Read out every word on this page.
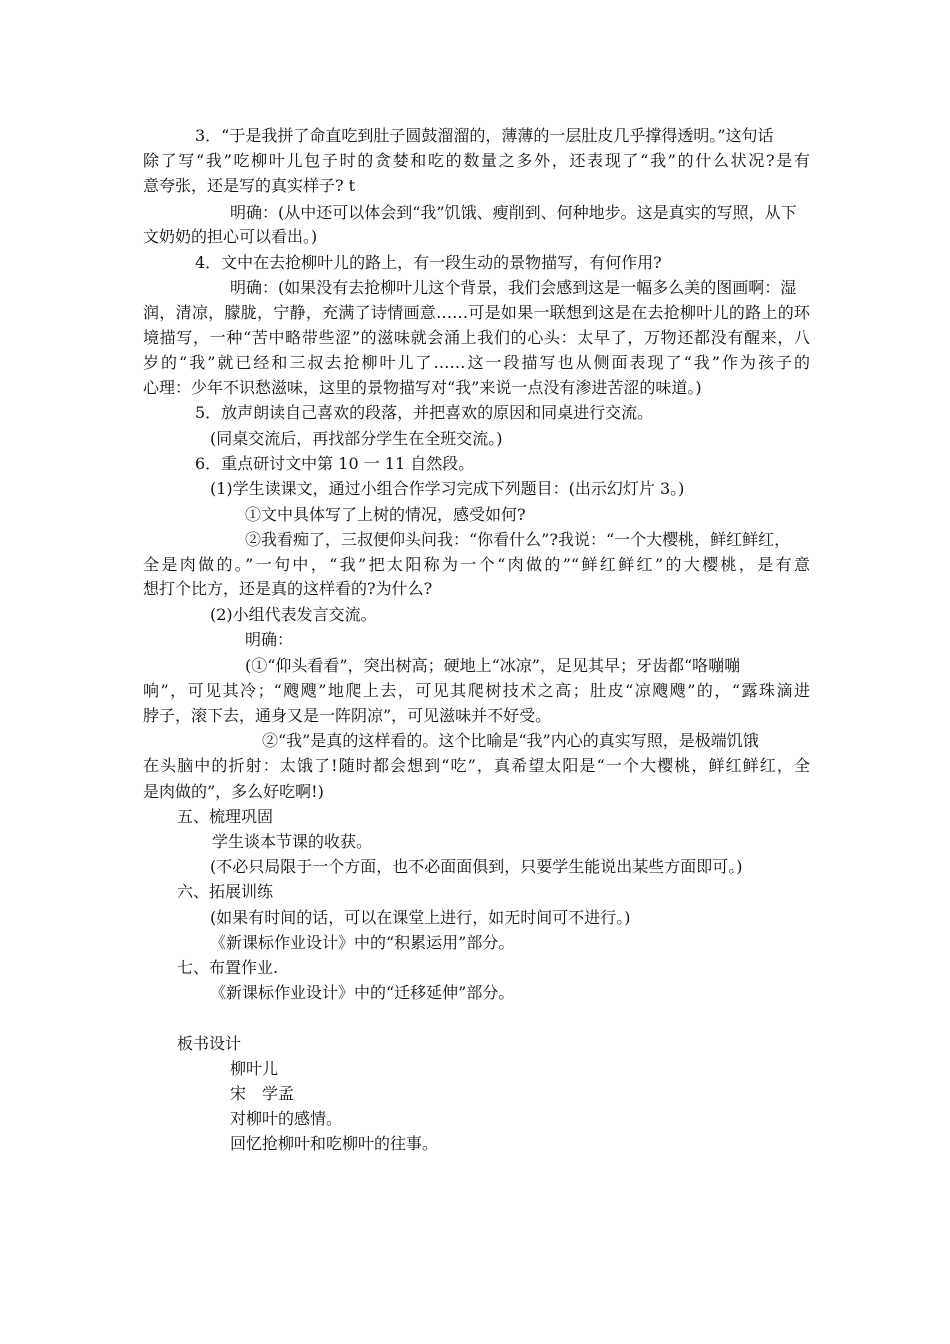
3．“于是我拼了命直吃到肚子圆鼓溜溜的，薄薄的一层肚皮几乎撑得透明。”这句话
除了写“我”吃柳叶儿包子时的贪婪和吃的数量之多外，还表现了“我”的什么状况?是有
意夸张，还是写的真实样子? t
明确：(从中还可以体会到“我”饥饿、瘦削到、何种地步。这是真实的写照，从下
文奶奶的担心可以看出。)
4．文中在去抢柳叶儿的路上，有一段生动的景物描写，有何作用?
明确：(如果没有去抢柳叶儿这个背景，我们会感到这是一幅多么美的图画啊：湿
润，清凉，朦胧，宁静，充满了诗情画意……可是如果一联想到这是在去抢柳叶儿的路上的环
境描写，一种“苦中略带些涩”的滋味就会涌上我们的心头：太早了，万物还都没有醒来，八
岁的“我”就已经和三叔去抢柳叶儿了……这一段描写也从侧面表现了“我”作为孩子的
心理：少年不识愁滋味，这里的景物描写对“我”来说一点没有渗进苦涩的味道。)
5．放声朗读自己喜欢的段落，并把喜欢的原因和同桌进行交流。
(同桌交流后，再找部分学生在全班交流。)
6．重点研讨文中第 10 一 11 自然段。
(1)学生读课文，通过小组合作学习完成下列题目：(出示幻灯片 3。)
①文中具体写了上树的情况，感受如何?
②我看痴了，三叔便仰头问我：“你看什么”?我说：“一个大樱桃，鲜红鲜红，
全是肉做的。”一句中，“我”把太阳称为一个“肉做的”“鲜红鲜红”的大樱桃，是有意
想打个比方，还是真的这样看的?为什么?
(2)小组代表发言交流。
明确：
(①“仰头看看”，突出树高；硬地上“冰凉”，足见其早；牙齿都“咯嘣嘣
响”，可见其冷；“飕飕”地爬上去，可见其爬树技术之高；肚皮“凉飕飕”的，“露珠滴进
脖子，滚下去，通身又是一阵阴凉”，可见滋味并不好受。
②“我”是真的这样看的。这个比喻是“我”内心的真实写照，是极端饥饿
在头脑中的折射：太饿了!随时都会想到“吃”，真希望太阳是“一个大樱桃，鲜红鲜红，全
是肉做的”，多么好吃啊!)
五、梳理巩固
学生谈本节课的收获。
(不必只局限于一个方面，也不必面面俱到，只要学生能说出某些方面即可。)
六、拓展训练
(如果有时间的话，可以在课堂上进行，如无时间可不进行。)
《新课标作业设计》中的“积累运用”部分。
七、布置作业.
《新课标作业设计》中的“迁移延伸”部分。
板书设计
柳叶儿
宋　学孟
对柳叶的感情。
回忆抢柳叶和吃柳叶的往事。
